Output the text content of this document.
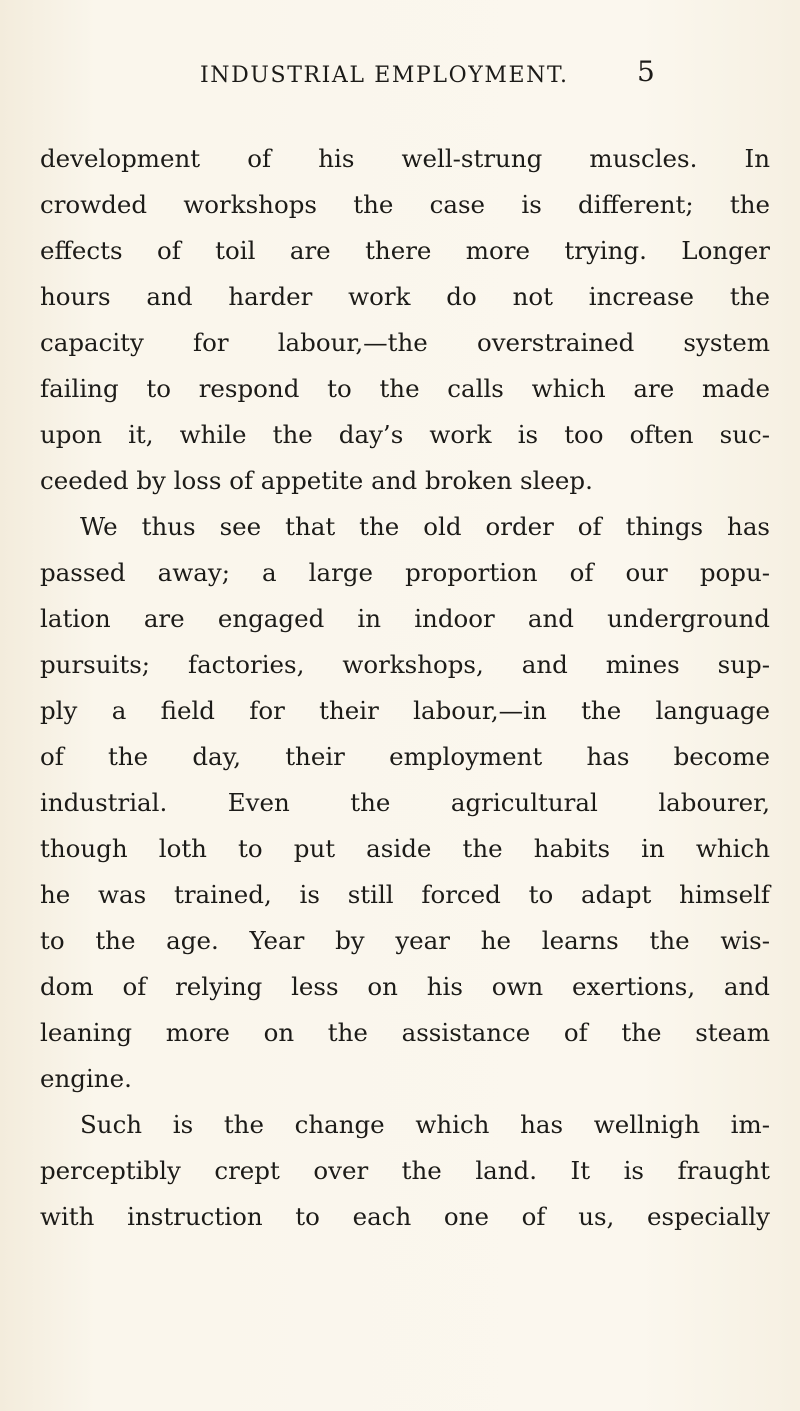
INDUSTRIAL EMPLOYMENT. 5
development of his well-strung muscles. In
crowded workshops the case is different; the
effects of toil are there more trying. Longer
hours and harder work do not increase the
capacity for labour,—the overstrained system
failing to respond to the calls which are made
upon it, while the day’s work is too often suc-
ceeded by loss of appetite and broken sleep.
We thus see that the old order of things has
passed away; a large proportion of our popu-
lation are engaged in indoor and underground
pursuits; factories, workshops, and mines sup-
ply a field for their labour,—in the language
of the day, their employment has become
industrial. Even the agricultural labourer,
though loth to put aside the habits in which
he was trained, is still forced to adapt himself
to the age. Year by year he learns the wis-
dom of relying less on his own exertions, and
leaning more on the assistance of the steam
engine.
Such is the change which has wellnigh im-
perceptibly crept over the land. It is fraught
with instruction to each one of us, especially
